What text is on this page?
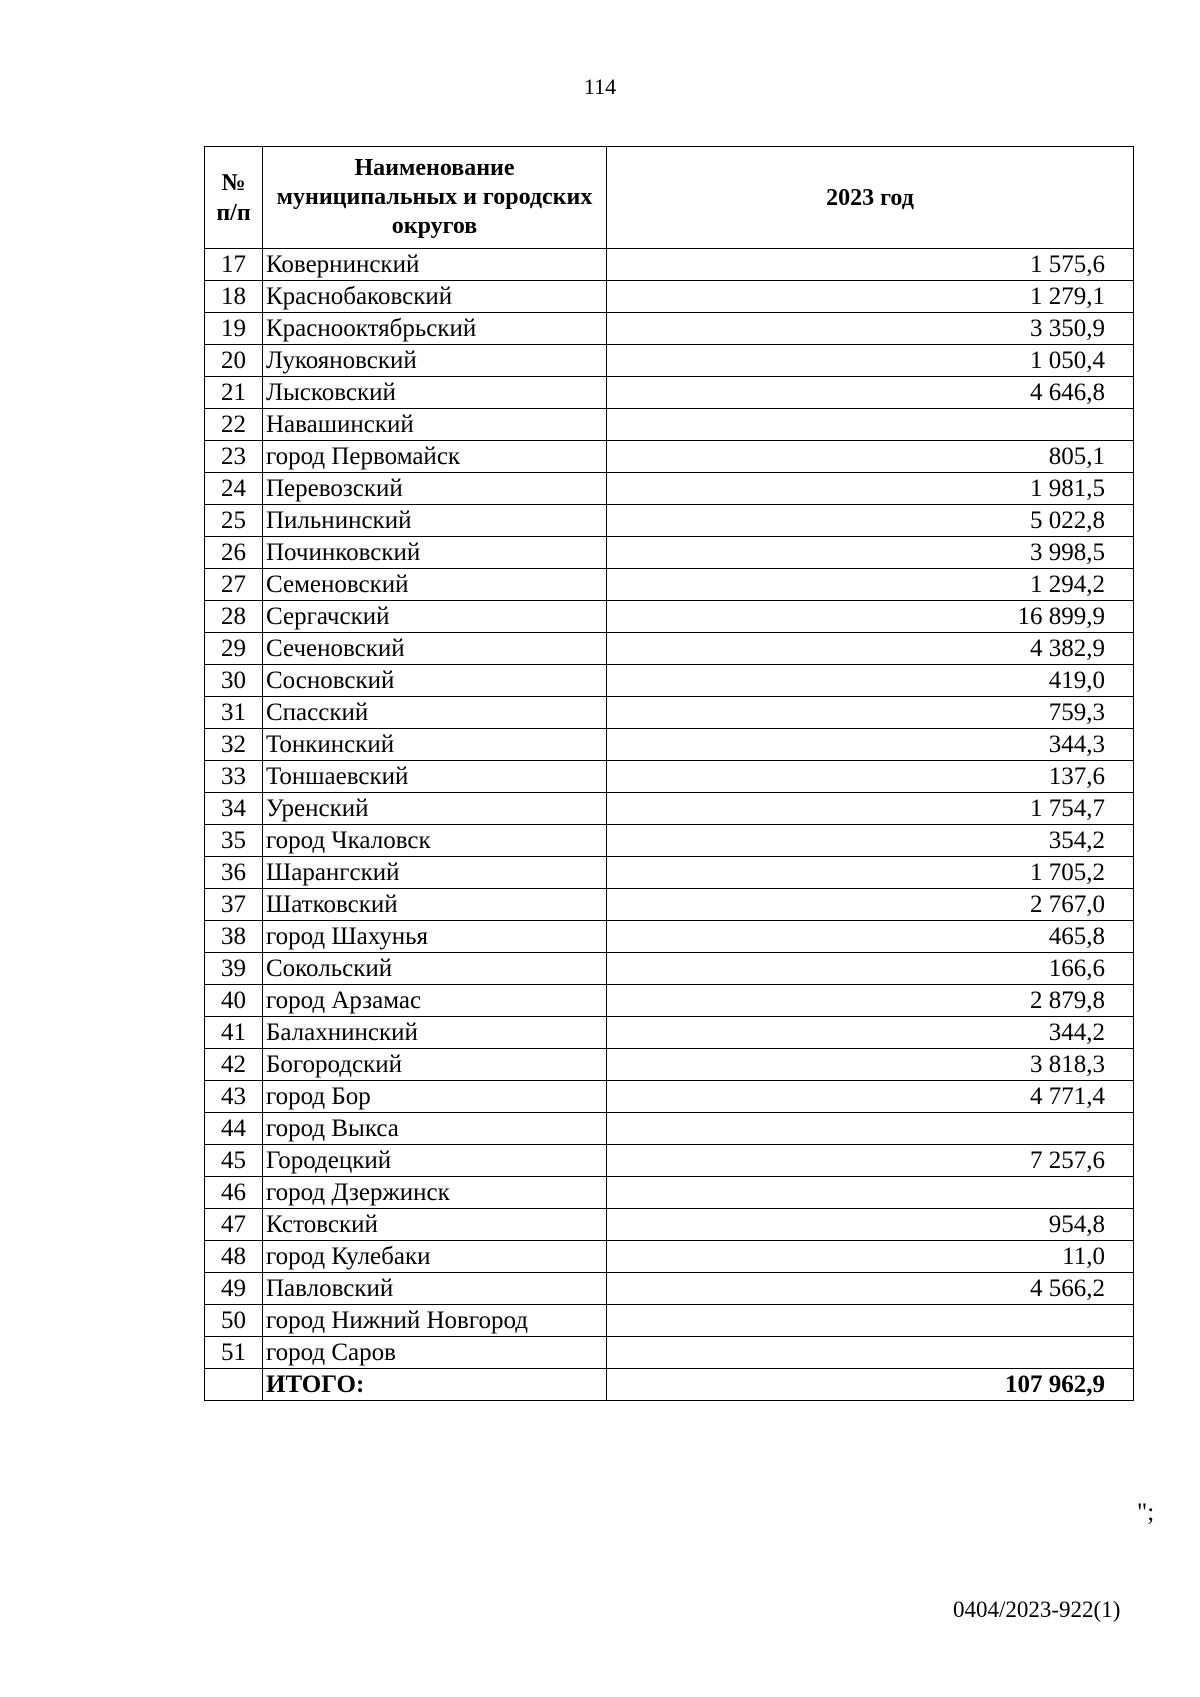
114
№ п/п	Наименование муниципальных и городских округов	2023 год
17	Ковернинский	1 575,6
18	Краснобаковский	1 279,1
19	Краснооктябрьский	3 350,9
20	Лукояновский	1 050,4
21	Лысковский	4 646,8
22	Навашинский	
23	город Первомайск	805,1
24	Перевозский	1 981,5
25	Пильнинский	5 022,8
26	Починковский	3 998,5
27	Семеновский	1 294,2
28	Сергачский	16 899,9
29	Сеченовский	4 382,9
30	Сосновский	419,0
31	Спасский	759,3
32	Тонкинский	344,3
33	Тоншаевский	137,6
34	Уренский	1 754,7
35	город Чкаловск	354,2
36	Шарангский	1 705,2
37	Шатковский	2 767,0
38	город Шахунья	465,8
39	Сокольский	166,6
40	город Арзамас	2 879,8
41	Балахнинский	344,2
42	Богородский	3 818,3
43	город Бор	4 771,4
44	город Выкса	
45	Городецкий	7 257,6
46	город Дзержинск	
47	Кстовский	954,8
48	город Кулебаки	11,0
49	Павловский	4 566,2
50	город Нижний Новгород	
51	город Саров	
	ИТОГО:	107 962,9
";
0404/2023-922(1)
